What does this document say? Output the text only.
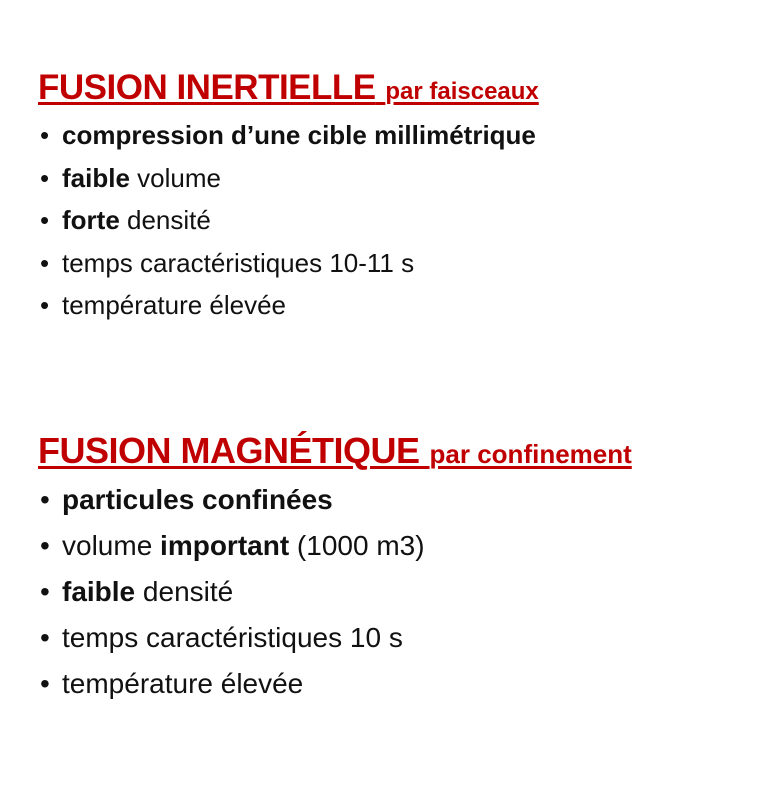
FUSION INERTIELLE par faisceaux
• compression d’une cible millimétrique
• faible volume
• forte densité
• temps caractéristiques 10-11 s
• température élevée
FUSION MAGNÉTIQUE par confinement
• particules confinées
• volume important (1000 m3)
• faible densité
• temps caractéristiques 10 s
• température élevée
